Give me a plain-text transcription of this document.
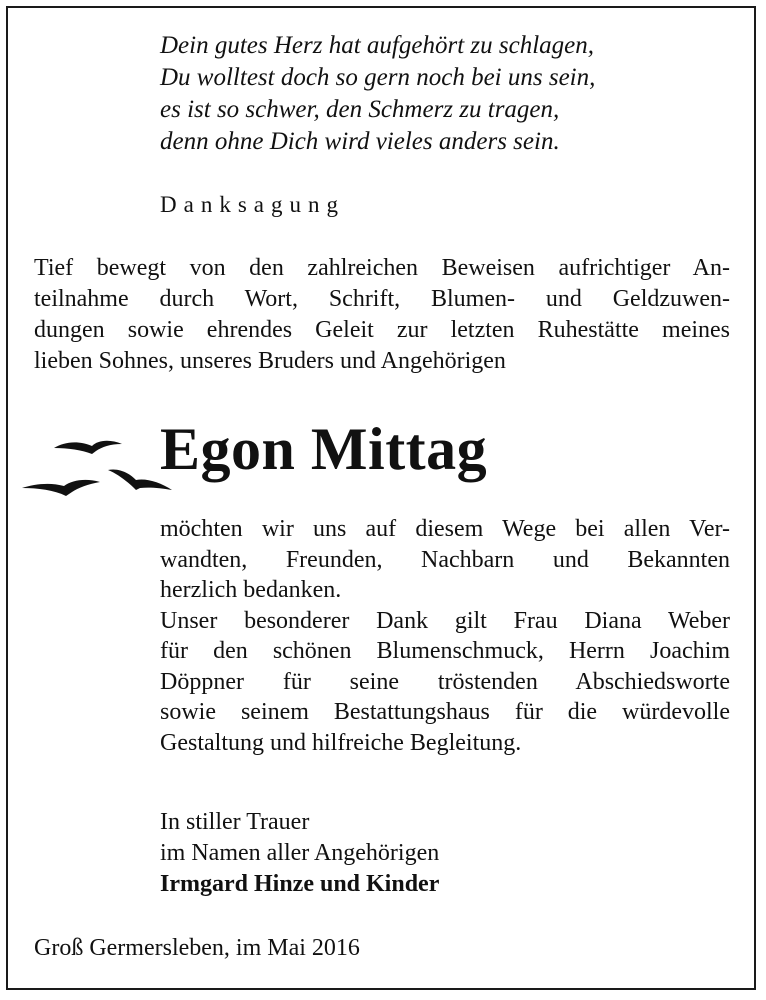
Dein gutes Herz hat aufgehört zu schlagen,
Du wolltest doch so gern noch bei uns sein,
es ist so schwer, den Schmerz zu tragen,
denn ohne Dich wird vieles anders sein.
Danksagung
Tief bewegt von den zahlreichen Beweisen aufrichtiger An-
teilnahme durch Wort, Schrift, Blumen- und Geldzuwen-
dungen sowie ehrendes Geleit zur letzten Ruhestätte meines
lieben Sohnes, unseres Bruders und Angehörigen
Egon Mittag
möchten wir uns auf diesem Wege bei allen Ver-
wandten, Freunden, Nachbarn und Bekannten
herzlich bedanken.
Unser besonderer Dank gilt Frau Diana Weber
für den schönen Blumenschmuck, Herrn Joachim
Döppner für seine tröstenden Abschiedsworte
sowie seinem Bestattungshaus für die würdevolle
Gestaltung und hilfreiche Begleitung.
In stiller Trauer
im Namen aller Angehörigen
Irmgard Hinze und Kinder
Groß Germersleben, im Mai 2016
